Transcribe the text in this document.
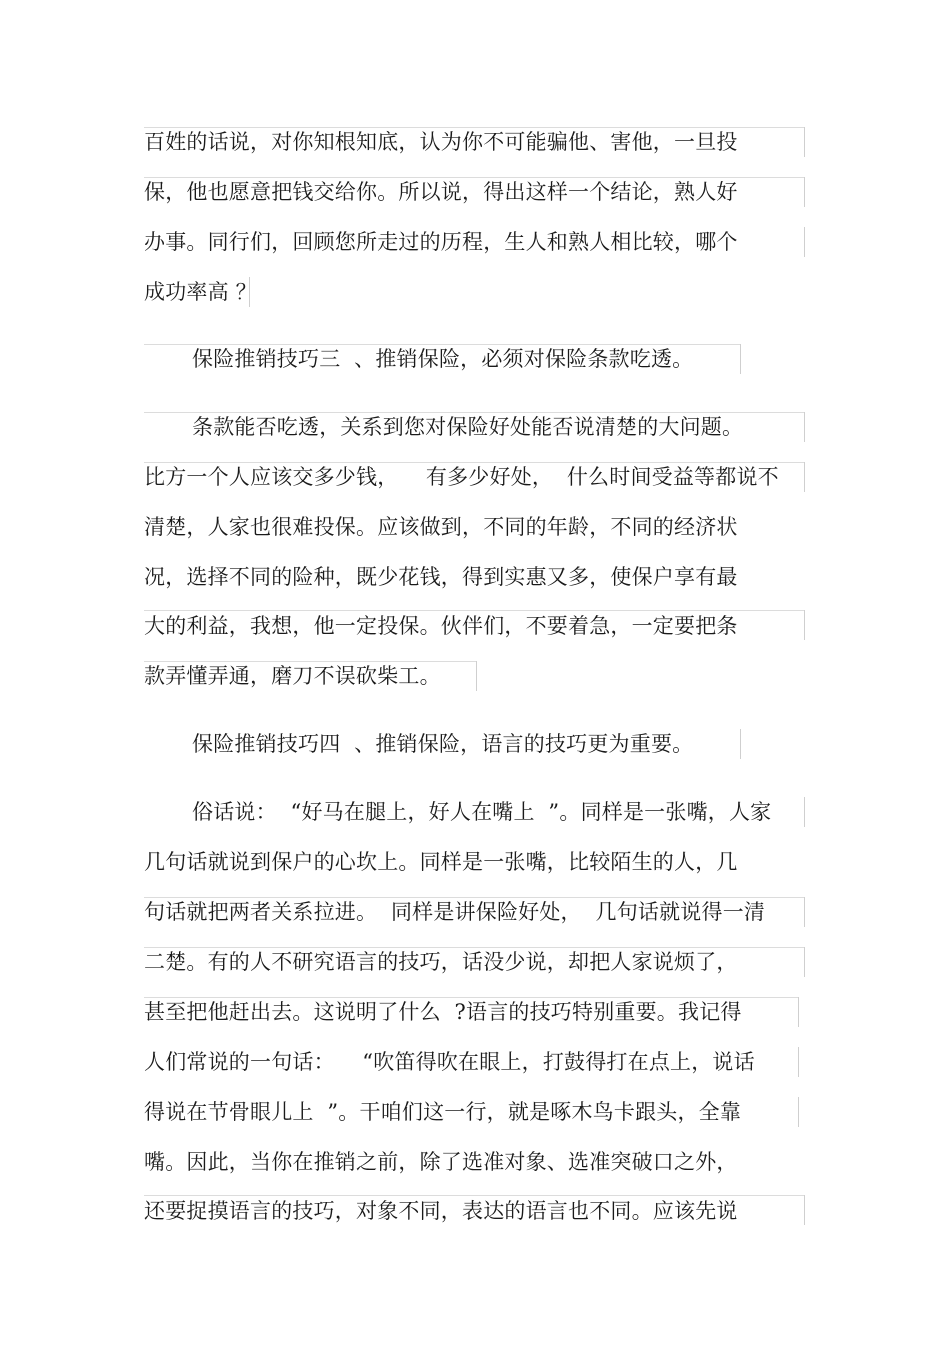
百姓的话说，对你知根知底，认为你不可能骗他、害他，一旦投
保，他也愿意把钱交给你。所以说，得出这样一个结论，熟人好
办事。同行们，回顾您所走过的历程，生人和熟人相比较，哪个
成功率高 ？
保险推销技巧三  、推销保险，必须对保险条款吃透。
条款能否吃透，关系到您对保险好处能否说清楚的大问题。
比方一个人应该交多少钱，    有多少好处，  什么时间受益等都说不
清楚，人家也很难投保。应该做到，不同的年龄，不同的经济状
况，选择不同的险种，既少花钱，得到实惠又多，使保户享有最
大的利益，我想，他一定投保。伙伴们，不要着急，一定要把条
款弄懂弄通，磨刀不误砍柴工。
保险推销技巧四  、推销保险，语言的技巧更为重要。
俗话说：  “好马在腿上，好人在嘴上  ”。同样是一张嘴，人家
几句话就说到保户的心坎上。同样是一张嘴，比较陌生的人，几
句话就把两者关系拉进。  同样是讲保险好处，  几句话就说得一清
二楚。有的人不研究语言的技巧，话没少说，却把人家说烦了，
甚至把他赶出去。这说明了什么  ?语言的技巧特别重要。我记得
人们常说的一句话：    “吹笛得吹在眼上，打鼓得打在点上，说话
得说在节骨眼儿上  ”。干咱们这一行，就是啄木鸟卡跟头，全靠
嘴。因此，当你在推销之前，除了选准对象、选准突破口之外，
还要捉摸语言的技巧，对象不同，表达的语言也不同。应该先说
